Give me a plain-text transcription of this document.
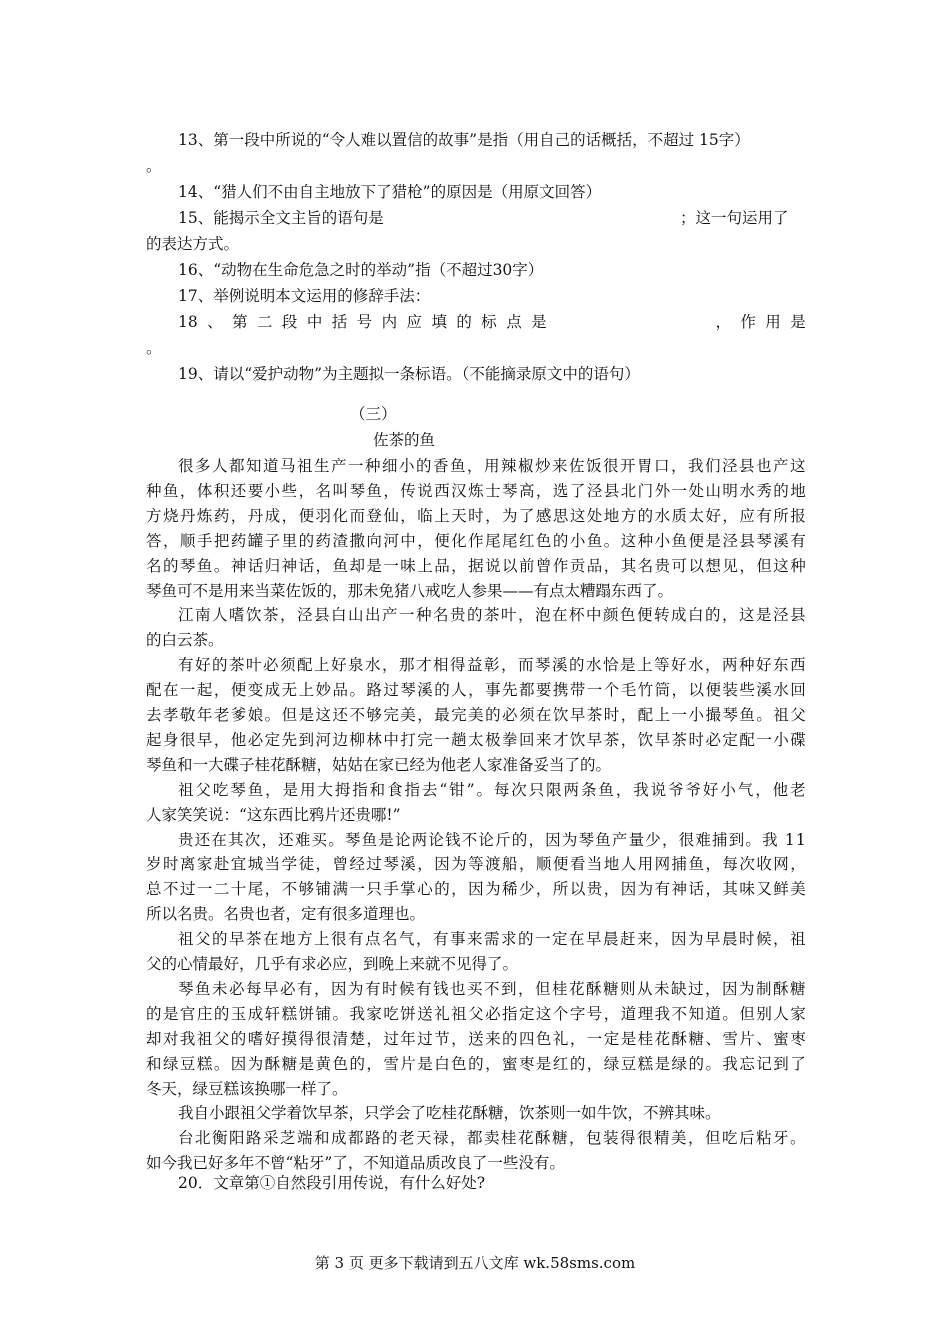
13、第一段中所说的“令人难以置信的故事”是指（用自己的话概括，不超过 15字）
。
14、“猎人们不由自主地放下了猎枪”的原因是（用原文回答）
15、能揭示全文主旨的语句是	；这一句运用了
的表达方式。
16、“动物在生命危急之时的举动”指（不超过30字）
17、举例说明本文运用的修辞手法：
18 、 第 二 段 中 括 号 内 应 填 的 标 点 是	， 作 用 是
。
19、请以“爱护动物”为主题拟一条标语。（不能摘录原文中的语句）
（三）
佐茶的鱼
很 多 人 都 知 道 马 祖 生 产 一 种 细 小 的 香 鱼 ， 用 辣 椒 炒 来 佐 饭 很 开 胃 口 ， 我 们 泾 县 也 产 这
种 鱼 ， 体 积 还 要 小 些 ， 名 叫 琴 鱼 ， 传 说 西 汉 炼 士 琴 高 ， 选 了 泾 县 北 门 外 一 处 山 明 水 秀 的 地
方 烧 丹 炼 药 ， 丹 成 ， 便 羽 化 而 登 仙 ， 临 上 天 时 ， 为 了 感 思 这 处 地 方 的 水 质 太 好 ， 应 有 所 报
答 ， 顺 手 把 药 罐 子 里 的 药 渣 撒 向 河 中 ， 便 化 作 尾 尾 红 色 的 小 鱼 。 这 种 小 鱼 便 是 泾 县 琴 溪 有
名 的 琴 鱼 。 神 话 归 神 话 ， 鱼 却 是 一 味 上 品 ， 据 说 以 前 曾 作 贡 品 ， 其 名 贵 可 以 想 见 ， 但 这 种
琴鱼可不是用来当菜佐饭的，那未免猪八戒吃人参果——有点太糟蹋东西了。
江 南 人 嗜 饮 茶 ， 泾 县 白 山 出 产 一 种 名 贵 的 茶 叶 ， 泡 在 杯 中 颜 色 便 转 成 白 的 ， 这 是 泾 县
的白云茶。
有 好 的 茶 叶 必 须 配 上 好 泉 水 ， 那 才 相 得 益 彰 ， 而 琴 溪 的 水 恰 是 上 等 好 水 ， 两 种 好 东 西
配 在 一 起 ， 便 变 成 无 上 妙 品 。 路 过 琴 溪 的 人 ， 事 先 都 要 携 带 一 个 毛 竹 筒 ， 以 便 装 些 溪 水 回
去 孝 敬 年 老 爹 娘 。 但 是 这 还 不 够 完 美 ， 最 完 美 的 必 须 在 饮 早 茶 时 ， 配 上 一 小 撮 琴 鱼 。 祖 父
起 身 很 早 ， 他 必 定 先 到 河 边 柳 林 中 打 完 一 趟 太 极 拳 回 来 才 饮 早 茶 ， 饮 早 茶 时 必 定 配 一 小 碟
琴鱼和一大碟子桂花酥糖，姑姑在家已经为他老人家准备妥当了的。
祖 父 吃 琴 鱼 ， 是 用 大 拇 指 和 食 指 去 “ 钳 ” 。 每 次 只 限 两 条 鱼 ， 我 说 爷 爷 好 小 气 ， 他 老
人家笑笑说：“这东西比鸦片还贵哪!”
贵 还 在 其 次 ， 还 难 买 。 琴 鱼 是 论 两 论 钱 不 论 斤 的 ， 因 为 琴 鱼 产 量 少 ， 很 难 捕 到 。 我
1 1
岁 时 离 家 赴 宜 城 当 学 徒 ， 曾 经 过 琴 溪 ， 因 为 等 渡 船 ， 顺 便 看 当 地 人 用 网 捕 鱼 ， 每 次 收 网 ，
总 不 过 一 二 十 尾 ， 不 够 铺 满 一 只 手 掌 心 的 ， 因 为 稀 少 ， 所 以 贵 ， 因 为 有 神 话 ， 其 味 又 鲜 美
所以名贵。名贵也者，定有很多道理也。
祖 父 的 早 茶 在 地 方 上 很 有 点 名 气 ， 有 事 来 需 求 的 一 定 在 早 晨 赶 来 ， 因 为 早 晨 时 候 ， 祖
父的心情最好，几乎有求必应，到晚上来就不见得了。
琴 鱼 未 必 每 早 必 有 ， 因 为 有 时 候 有 钱 也 买 不 到 ， 但 桂 花 酥 糖 则 从 未 缺 过 ， 因 为 制 酥 糖
的 是 官 庄 的 玉 成 轩 糕 饼 铺 。 我 家 吃 饼 送 礼 祖 父 必 指 定 这 个 字 号 ， 道 理 我 不 知 道 。 但 别 人 家
却 对 我 祖 父 的 嗜 好 摸 得 很 清 楚 ， 过 年 过 节 ， 送 来 的 四 色 礼 ， 一 定 是 桂 花 酥 糖 、 雪 片 、 蜜 枣
和 绿 豆 糕 。 因 为 酥 糖 是 黄 色 的 ， 雪 片 是 白 色 的 ， 蜜 枣 是 红 的 ， 绿 豆 糕 是 绿 的 。 我 忘 记 到 了
冬天，绿豆糕该换哪一样了。
我自小跟祖父学着饮早茶，只学会了吃桂花酥糖，饮茶则一如牛饮，不辨其味。
台 北 衡 阳 路 采 芝 端 和 成 都 路 的 老 天 禄 ， 都 卖 桂 花 酥 糖 ， 包 装 得 很 精 美 ， 但 吃 后 粘 牙 。
如今我已好多年不曾“粘牙”了，不知道品质改良了一些没有。
20．文章第①自然段引用传说，有什么好处?
第 3 页 更多下载请到五八文库 wk.58sms.com
